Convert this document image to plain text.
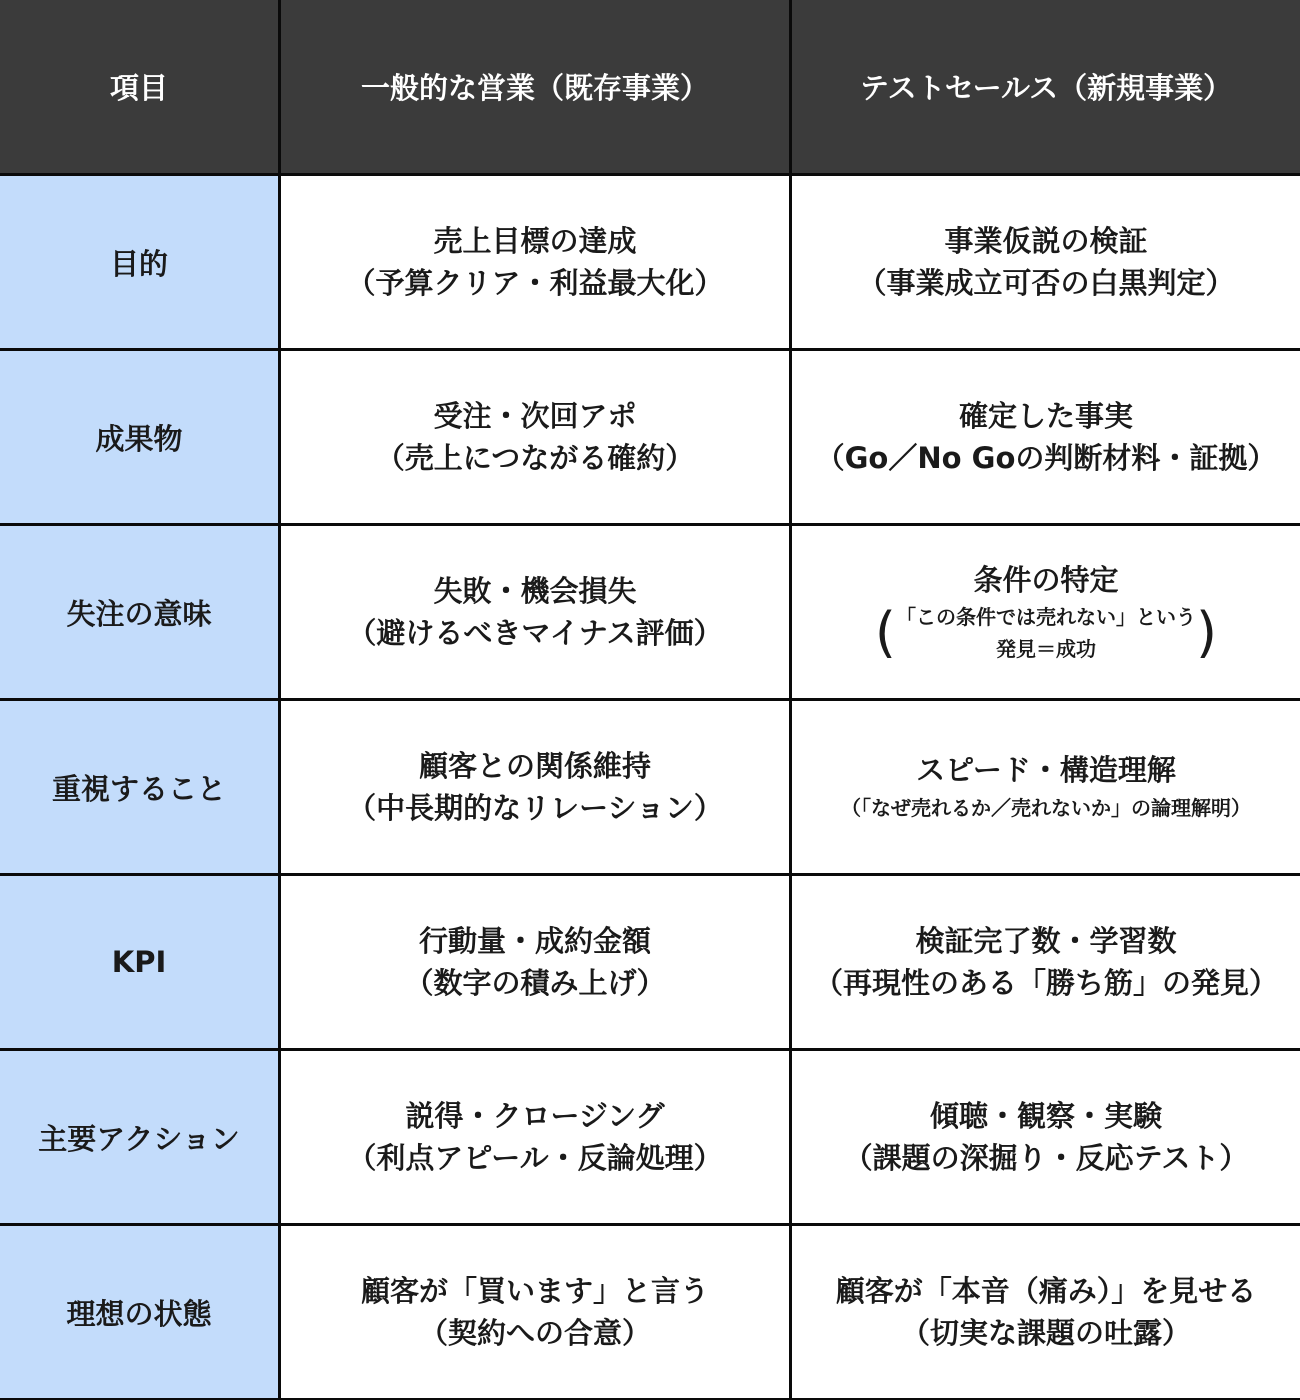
項目	一般的な営業（既存事業）	テストセールス（新規事業）
目的
売上目標の達成
（予算クリア・利益最大化）
事業仮説の検証
（事業成立可否の白黒判定）
成果物
受注・次回アポ
（売上につながる確約）
確定した事実
（Go／No Goの判断材料・証拠）
失注の意味
失敗・機会損失
（避けるべきマイナス評価）
条件の特定
( 「この条件では売れない」という
発見＝成功 )
重視すること
顧客との関係維持
（中長期的なリレーション）
スピード・構造理解
（「なぜ売れるか／売れないか」の論理解明）
KPI
行動量・成約金額
（数字の積み上げ）
検証完了数・学習数
（再現性のある「勝ち筋」の発見）
主要アクション
説得・クロージング
（利点アピール・反論処理）
傾聴・観察・実験
（課題の深掘り・反応テスト）
理想の状態
顧客が「買います」と言う
（契約への合意）
顧客が「本音（痛み）」を見せる
（切実な課題の吐露）
